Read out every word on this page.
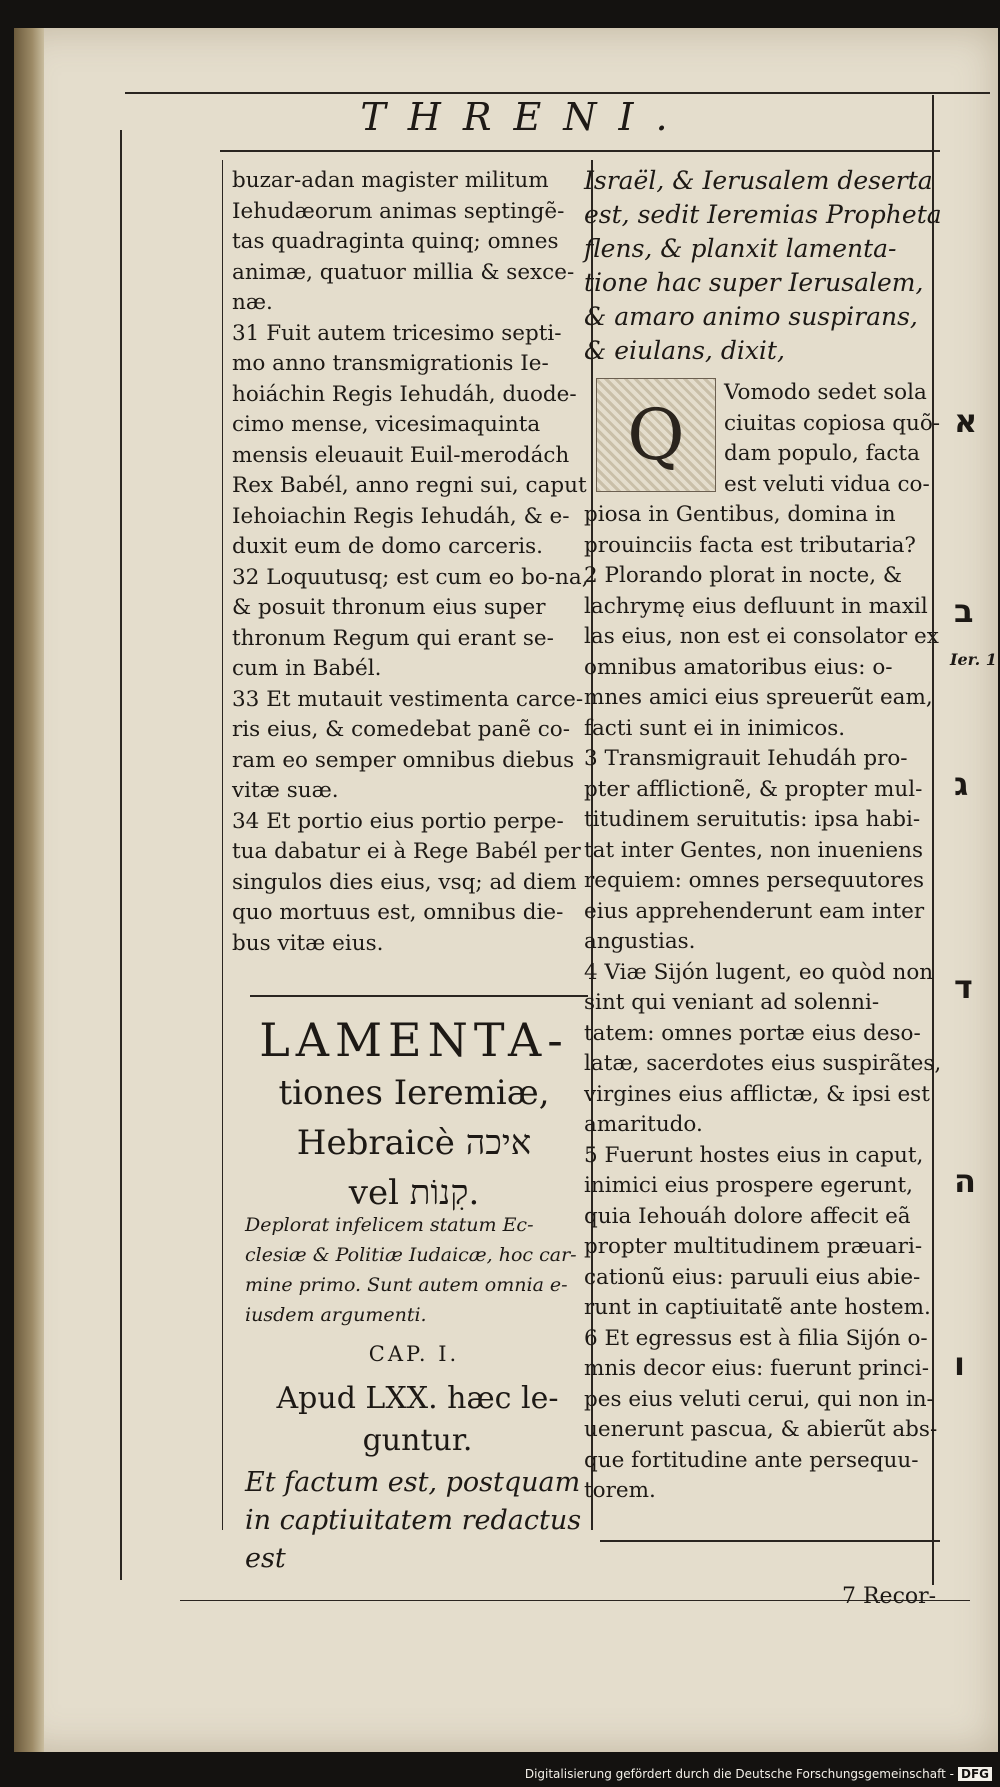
THRENI.

buzar-adan magister militum Iehudæorum animas septingẽ-tas quadraginta quinq; omnes animæ, quatuor millia & sexce-næ.

31 Fuit autem tricesimo septi-mo anno transmigrationis Ie-hoiáchin Regis Iehudáh, duode-cimo mense, vicesimaquinta mensis eleuauit Euil-merodách Rex Babél, anno regni sui, caput Iehoiachin Regis Iehudáh, & e-duxit eum de domo carceris.

32 Loquutusq; est cum eo bo-na, & posuit thronum eius super thronum Regum qui erant se-cum in Babél.

33 Et mutauit vestimenta carce-ris eius, & comedebat panẽ co-ram eo semper omnibus diebus vitæ suæ.

34 Et portio eius portio perpe-tua dabatur ei à Rege Babél per singulos dies eius, vsq; ad diem quo mortuus est, omnibus die-bus vitæ eius.

LAMENTA-
tiones Ieremiæ,
Hebraicè איכה
vel קִנוֹת.
Deplorat infelicem statum Ec-clesiæ & Politiæ Iudaicæ, hoc car-mine primo. Sunt autem omnia e-iusdem argumenti.
CAP. I.
Apud LXX. hæc le-guntur.
Et factum est, postquam in captiuitatem redactus est

Israël, & Ierusalem deserta est, sedit Ieremias Propheta flens, & planxit lamenta-tione hac super Ierusalem, & amaro animo suspirans, & eiulans, dixit,

Q

Vomodo sedet sola ciuitas copiosa quõ-dam populo, facta est veluti vidua co-piosa in Gentibus, domina in prouinciis facta est tributaria?

2 Plorando plorat in nocte, & lachrymę eius defluunt in maxil las eius, non est ei consolator ex omnibus amatoribus eius: o-mnes amici eius spreuerũt eam, facti sunt ei in inimicos.

3 Transmigrauit Iehudáh pro-pter afflictionẽ, & propter mul-titudinem seruitutis: ipsa habi-tat inter Gentes, non inueniens requiem: omnes persequutores eius apprehenderunt eam inter angustias.

4 Viæ Sijón lugent, eo quòd non sint qui veniant ad solenni-tatem: omnes portæ eius deso-latæ, sacerdotes eius suspirãtes, virgines eius afflictæ, & ipsi est amaritudo.

5 Fuerunt hostes eius in caput, inimici eius prospere egerunt, quia Iehouáh dolore affecit eã propter multitudinem præuari-cationũ eius: paruuli eius abie-runt in captiuitatẽ ante hostem.

6 Et egressus est à filia Sijón o-mnis decor eius: fuerunt princi-pes eius veluti cerui, qui non in-uenerunt pascua, & abierũt abs-que fortitudine ante persequu-torem.

א
ב
Ier. 1
ג
ד
ה
ו
7 Recor-
Digitalisierung gefördert durch die Deutsche Forschungsgemeinschaft - DFG
